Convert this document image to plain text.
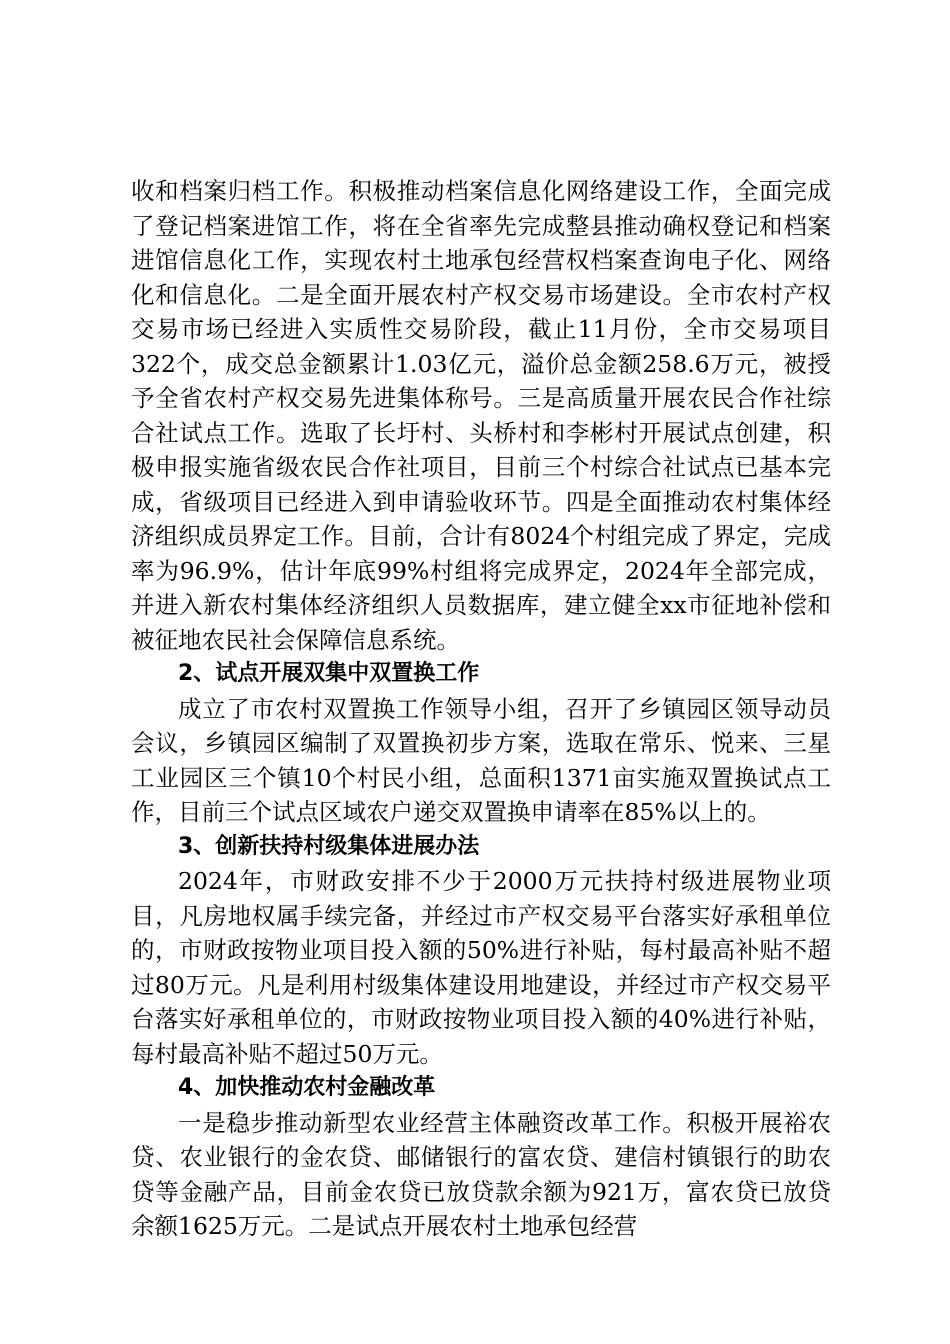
收和档案归档工作。积极推动档案信息化网络建设工作，全面完成了登记档案进馆工作，将在全省率先完成整县推动确权登记和档案进馆信息化工作，实现农村土地承包经营权档案查询电子化、网络化和信息化。二是全面开展农村产权交易市场建设。全市农村产权交易市场已经进入实质性交易阶段，截止11月份，全市交易项目322个，成交总金额累计1.03亿元，溢价总金额258.6万元，被授予全省农村产权交易先进集体称号。三是高质量开展农民合作社综合社试点工作。选取了长圩村、头桥村和李彬村开展试点创建，积极申报实施省级农民合作社项目，目前三个村综合社试点已基本完成，省级项目已经进入到申请验收环节。四是全面推动农村集体经济组织成员界定工作。目前，合计有8024个村组完成了界定，完成率为96.9%，估计年底99%村组将完成界定，2024年全部完成，并进入新农村集体经济组织人员数据库，建立健全xx市征地补偿和被征地农民社会保障信息系统。

2、试点开展双集中双置换工作

成立了市农村双置换工作领导小组，召开了乡镇园区领导动员会议，乡镇园区编制了双置换初步方案，选取在常乐、悦来、三星工业园区三个镇10个村民小组，总面积1371亩实施双置换试点工作，目前三个试点区域农户递交双置换申请率在85%以上的。

3、创新扶持村级集体进展办法

2024年，市财政安排不少于2000万元扶持村级进展物业项目，凡房地权属手续完备，并经过市产权交易平台落实好承租单位的，市财政按物业项目投入额的50%进行补贴，每村最高补贴不超过80万元。凡是利用村级集体建设用地建设，并经过市产权交易平台落实好承租单位的，市财政按物业项目投入额的40%进行补贴，每村最高补贴不超过50万元。

4、加快推动农村金融改革

一是稳步推动新型农业经营主体融资改革工作。积极开展裕农贷、农业银行的金农贷、邮储银行的富农贷、建信村镇银行的助农贷等金融产品，目前金农贷已放贷款余额为921万，富农贷已放贷余额1625万元。二是试点开展农村土地承包经营
